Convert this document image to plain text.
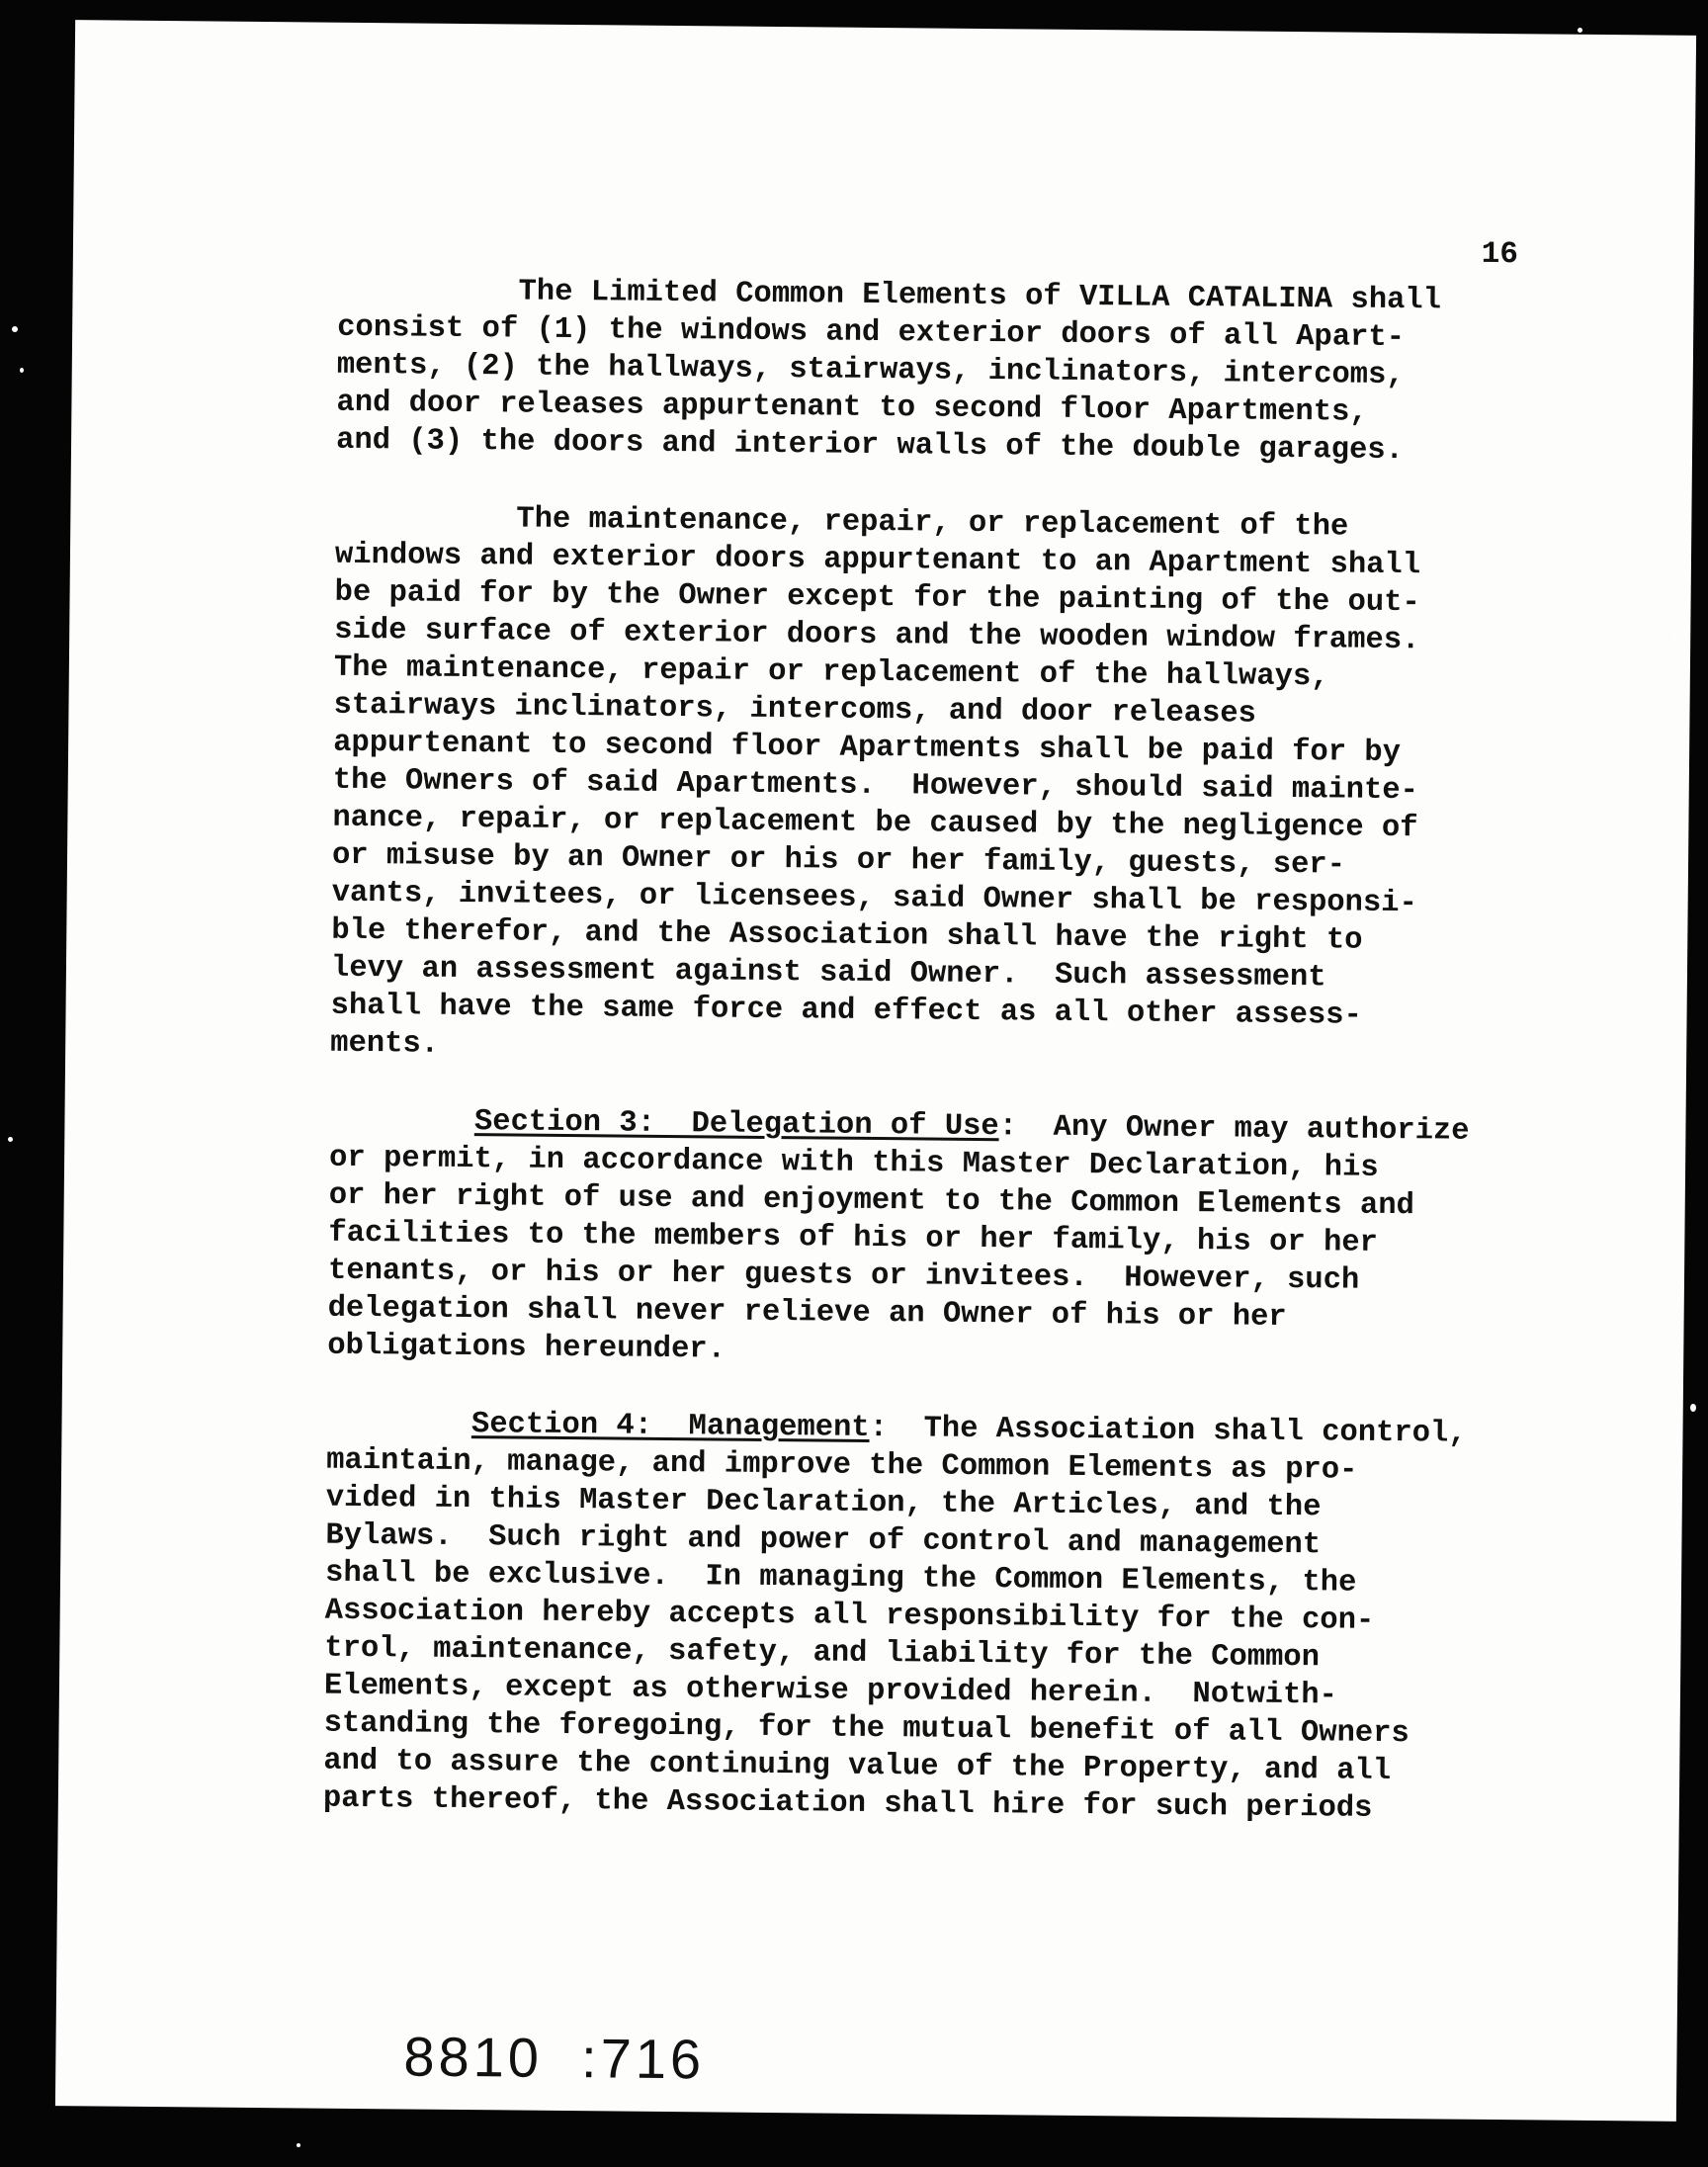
16
The Limited Common Elements of VILLA CATALINA shall
consist of (1) the windows and exterior doors of all Apart-
ments, (2) the hallways, stairways, inclinators, intercoms,
and door releases appurtenant to second floor Apartments,
and (3) the doors and interior walls of the double garages.
The maintenance, repair, or replacement of the
windows and exterior doors appurtenant to an Apartment shall
be paid for by the Owner except for the painting of the out-
side surface of exterior doors and the wooden window frames.
The maintenance, repair or replacement of the hallways,
stairways inclinators, intercoms, and door releases
appurtenant to second floor Apartments shall be paid for by
the Owners of said Apartments.  However, should said mainte-
nance, repair, or replacement be caused by the negligence of
or misuse by an Owner or his or her family, guests, ser-
vants, invitees, or licensees, said Owner shall be responsi-
ble therefor, and the Association shall have the right to
levy an assessment against said Owner.  Such assessment
shall have the same force and effect as all other assess-
ments.
Section 3:  Delegation of Use:  Any Owner may authorize
or permit, in accordance with this Master Declaration, his
or her right of use and enjoyment to the Common Elements and
facilities to the members of his or her family, his or her
tenants, or his or her guests or invitees.  However, such
delegation shall never relieve an Owner of his or her
obligations hereunder.
Section 4:  Management:  The Association shall control,
maintain, manage, and improve the Common Elements as pro-
vided in this Master Declaration, the Articles, and the
Bylaws.  Such right and power of control and management
shall be exclusive.  In managing the Common Elements, the
Association hereby accepts all responsibility for the con-
trol, maintenance, safety, and liability for the Common
Elements, except as otherwise provided herein.  Notwith-
standing the foregoing, for the mutual benefit of all Owners
and to assure the continuing value of the Property, and all
parts thereof, the Association shall hire for such periods
8810  :716
